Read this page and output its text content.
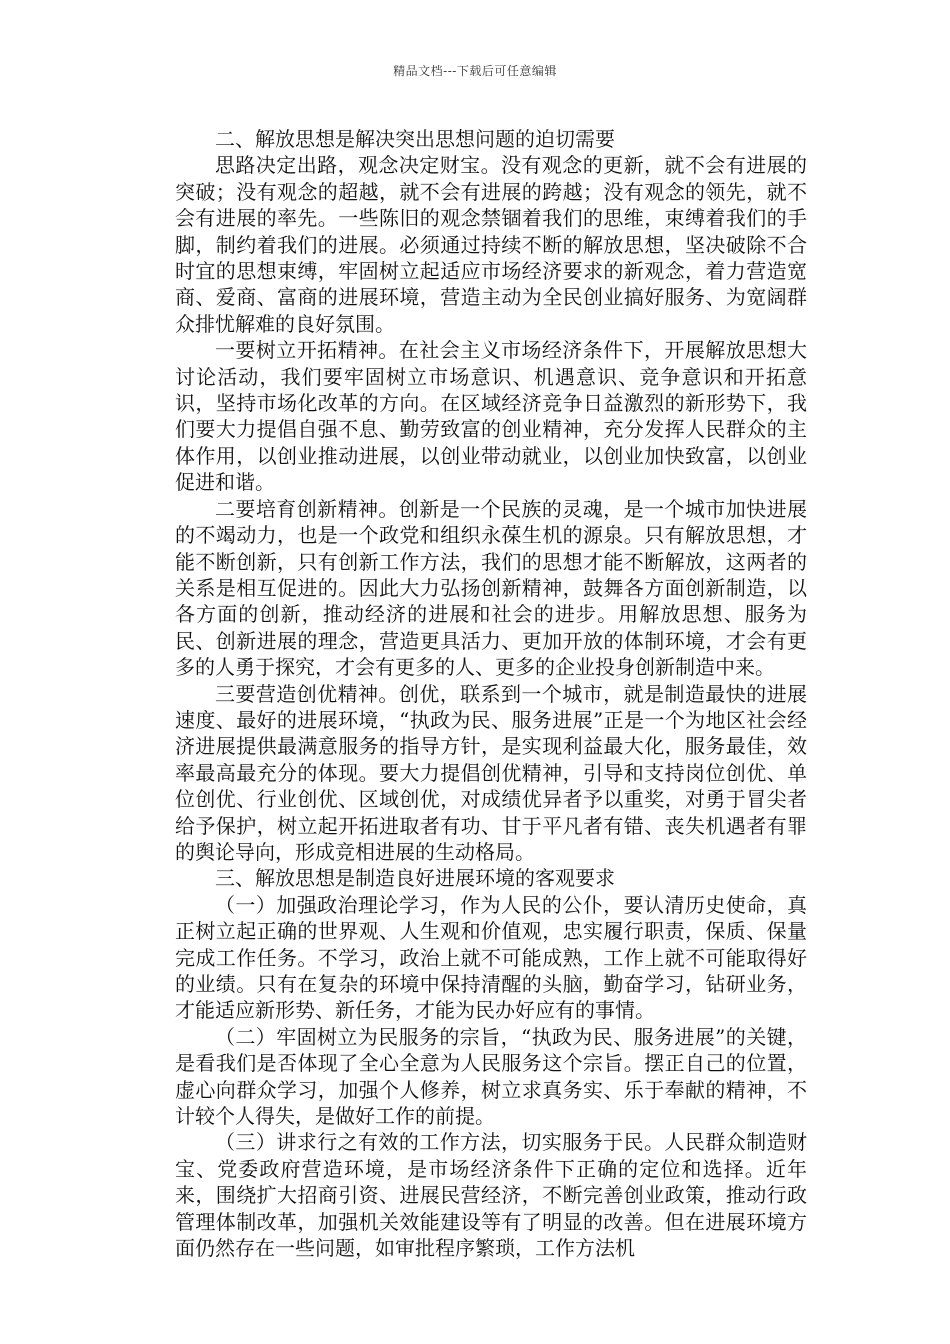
精品文档---下载后可任意编辑

二、解放思想是解决突出思想问题的迫切需要

思路决定出路，观念决定财宝。没有观念的更新，就不会有进展的突破；没有观念的超越，就不会有进展的跨越；没有观念的领先，就不会有进展的率先。一些陈旧的观念禁锢着我们的思维，束缚着我们的手脚，制约着我们的进展。必须通过持续不断的解放思想，坚决破除不合时宜的思想束缚，牢固树立起适应市场经济要求的新观念，着力营造宽商、爱商、富商的进展环境，营造主动为全民创业搞好服务、为宽阔群众排忧解难的良好氛围。

一要树立开拓精神。在社会主义市场经济条件下，开展解放思想大讨论活动，我们要牢固树立市场意识、机遇意识、竞争意识和开拓意识，坚持市场化改革的方向。在区域经济竞争日益激烈的新形势下，我们要大力提倡自强不息、勤劳致富的创业精神，充分发挥人民群众的主体作用，以创业推动进展，以创业带动就业，以创业加快致富，以创业促进和谐。

二要培育创新精神。创新是一个民族的灵魂，是一个城市加快进展的不竭动力，也是一个政党和组织永葆生机的源泉。只有解放思想，才能不断创新，只有创新工作方法，我们的思想才能不断解放，这两者的关系是相互促进的。因此大力弘扬创新精神，鼓舞各方面创新制造，以各方面的创新，推动经济的进展和社会的进步。用解放思想、服务为民、创新进展的理念，营造更具活力、更加开放的体制环境，才会有更多的人勇于探究，才会有更多的人、更多的企业投身创新制造中来。

三要营造创优精神。创优，联系到一个城市，就是制造最快的进展速度、最好的进展环境，“执政为民、服务进展”正是一个为地区社会经济进展提供最满意服务的指导方针，是实现利益最大化，服务最佳，效率最高最充分的体现。要大力提倡创优精神，引导和支持岗位创优、单位创优、行业创优、区域创优，对成绩优异者予以重奖，对勇于冒尖者给予保护，树立起开拓进取者有功、甘于平凡者有错、丧失机遇者有罪的舆论导向，形成竞相进展的生动格局。

三、解放思想是制造良好进展环境的客观要求

（一）加强政治理论学习，作为人民的公仆，要认清历史使命，真正树立起正确的世界观、人生观和价值观，忠实履行职责，保质、保量完成工作任务。不学习，政治上就不可能成熟，工作上就不可能取得好的业绩。只有在复杂的环境中保持清醒的头脑，勤奋学习，钻研业务，才能适应新形势、新任务，才能为民办好应有的事情。

（二）牢固树立为民服务的宗旨，“执政为民、服务进展”的关键，是看我们是否体现了全心全意为人民服务这个宗旨。摆正自己的位置，虚心向群众学习，加强个人修养，树立求真务实、乐于奉献的精神，不计较个人得失，是做好工作的前提。

（三）讲求行之有效的工作方法，切实服务于民。人民群众制造财宝、党委政府营造环境，是市场经济条件下正确的定位和选择。近年来，围绕扩大招商引资、进展民营经济，不断完善创业政策，推动行政管理体制改革，加强机关效能建设等有了明显的改善。但在进展环境方面仍然存在一些问题，如审批程序繁琐，工作方法机
